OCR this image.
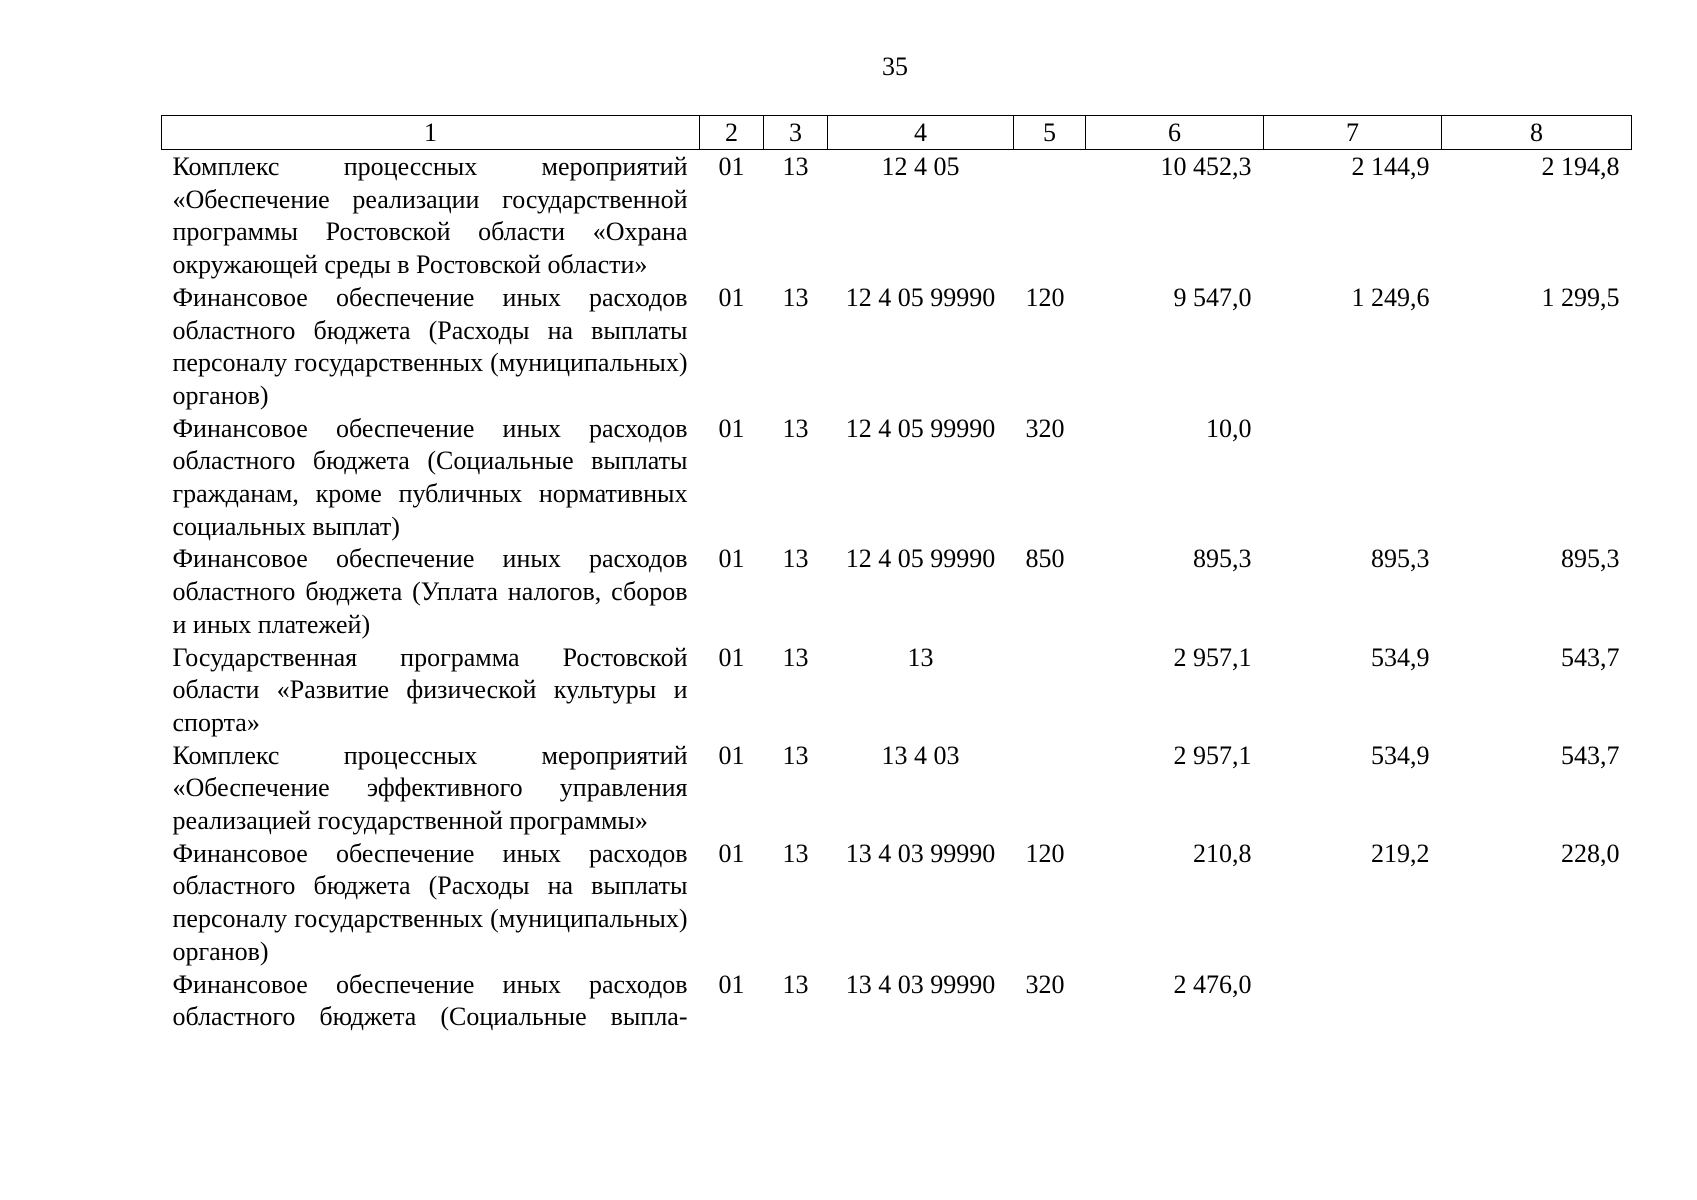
35
1	2	3	4	5	6	7	8
Комплекс процессных мероприятий «Обеспечение реализации государственной программы Ростовской области «Охрана окружающей среды в Ростовской области»	01	13	12 4 05		10 452,3	2 144,9	2 194,8
Финансовое обеспечение иных расходов областного бюджета (Расходы на выплаты персоналу государственных (муниципальных) органов)	01	13	12 4 05 99990	120	9 547,0	1 249,6	1 299,5
Финансовое обеспечение иных расходов областного бюджета (Социальные выплаты гражданам, кроме публичных нормативных социальных выплат)	01	13	12 4 05 99990	320	10,0		
Финансовое обеспечение иных расходов областного бюджета (Уплата налогов, сборов и иных платежей)	01	13	12 4 05 99990	850	895,3	895,3	895,3
Государственная программа Ростовской области «Развитие физической культуры и спорта»	01	13	13		2 957,1	534,9	543,7
Комплекс процессных мероприятий «Обеспечение эффективного управления реализацией государственной программы»	01	13	13 4 03		2 957,1	534,9	543,7
Финансовое обеспечение иных расходов областного бюджета (Расходы на выплаты персоналу государственных (муниципальных) органов)	01	13	13 4 03 99990	120	210,8	219,2	228,0
Финансовое обеспечение иных расходов областного бюджета (Социальные выпла-	01	13	13 4 03 99990	320	2 476,0		
